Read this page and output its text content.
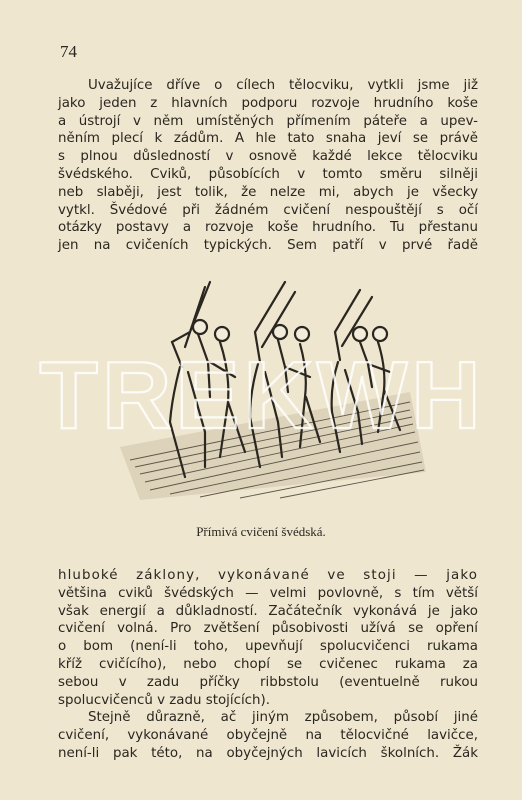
74
Uvažujíce dříve o cílech tělocviku, vytkli jsme již
jako jeden z hlavních podporu rozvoje hrudního koše
a ústrojí v něm umístěných přímením páteře a upev-
něním plecí k zádům. A hle tato snaha jeví se právě
s plnou důsledností v osnově každé lekce tělocviku
švédského. Cviků, působících v tomto směru silněji
neb slaběji, jest tolik, že nelze mi, abych je všecky
vytkl. Švédové při žádném cvičení nespouštějí s očí
otázky postavy a rozvoje koše hrudního. Tu přestanu
jen na cvičeních typických. Sem patří v prvé řadě
TREKWH
Přímivá cvičení švédská.
hluboké záklony, vykonávané ve stoji — jako
většina cviků švédských — velmi povlovně, s tím větší
však energií a důkladností. Začátečník vykonává je jako
cvičení volná. Pro zvětšení působivosti užívá se opření
o bom (není-li toho, upevňují spolucvičenci rukama
kříž cvičícího), nebo chopí se cvičenec rukama za
sebou v zadu příčky ribbstolu (eventuelně rukou
spolucvičenců v zadu stojících).
Stejně důrazně, ač jiným způsobem, působí jiné
cvičení, vykonávané obyčejně na tělocvičné lavičce,
není-li pak této, na obyčejných lavicích školních. Žák
